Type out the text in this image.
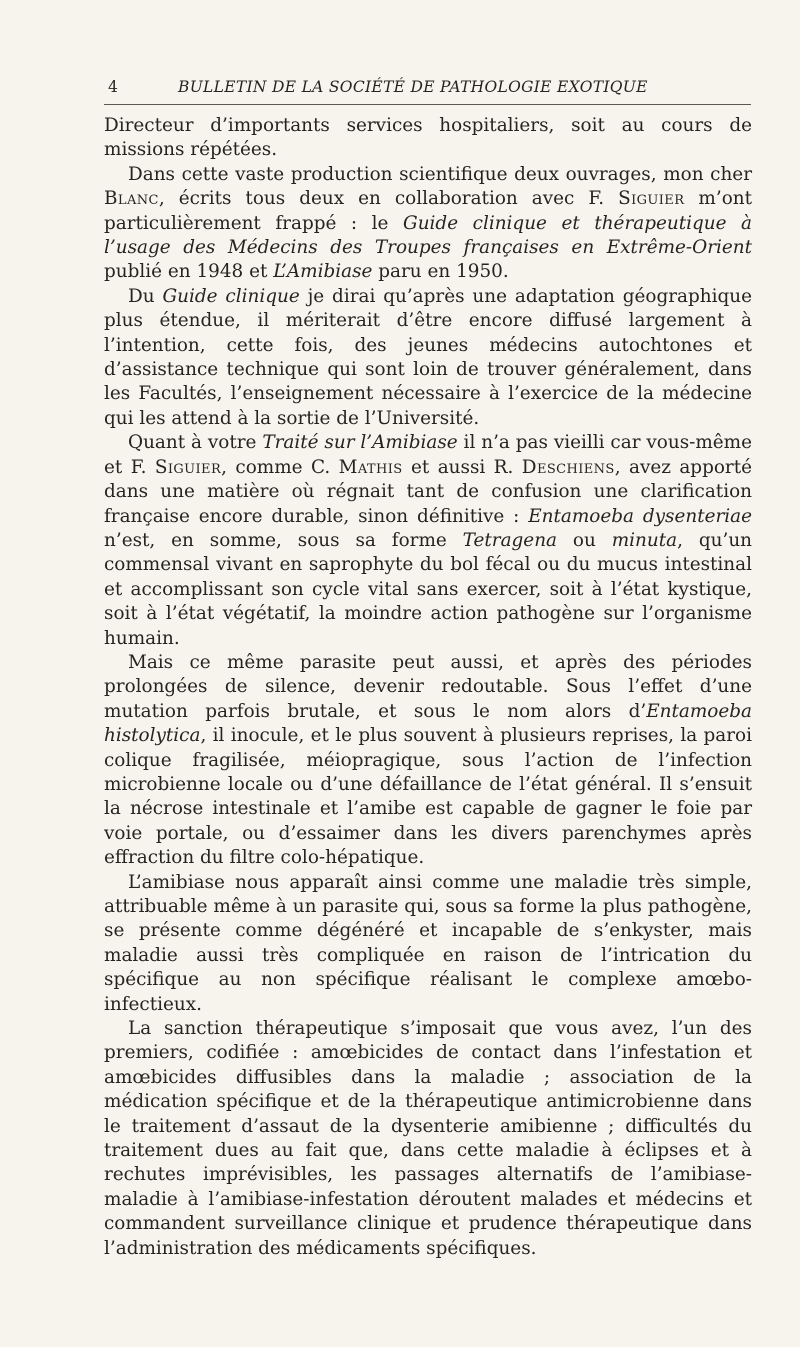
4	BULLETIN DE LA SOCIÉTÉ DE PATHOLOGIE EXOTIQUE

Directeur d’importants services hospitaliers, soit au cours de missions répétées.

Dans cette vaste production scientifique deux ouvrages, mon cher Blanc, écrits tous deux en collaboration avec F. Siguier m’ont particulièrement frappé : le Guide clinique et thérapeutique à l’usage des Médecins des Troupes françaises en Extrême-Orient publié en 1948 et L’Amibiase paru en 1950.

Du Guide clinique je dirai qu’après une adaptation géographique plus étendue, il mériterait d’être encore diffusé largement à l’intention, cette fois, des jeunes médecins autochtones et d’assistance technique qui sont loin de trouver généralement, dans les Facultés, l’enseignement nécessaire à l’exercice de la médecine qui les attend à la sortie de l’Université.

Quant à votre Traité sur l’Amibiase il n’a pas vieilli car vous-même et F. Siguier, comme C. Mathis et aussi R. Deschiens, avez apporté dans une matière où régnait tant de confusion une clarification française encore durable, sinon définitive : Entamoeba dysenteriae n’est, en somme, sous sa forme Tetragena ou minuta, qu’un commensal vivant en saprophyte du bol fécal ou du mucus intestinal et accomplissant son cycle vital sans exercer, soit à l’état kystique, soit à l’état végétatif, la moindre action pathogène sur l’organisme humain.

Mais ce même parasite peut aussi, et après des périodes prolongées de silence, devenir redoutable. Sous l’effet d’une mutation parfois brutale, et sous le nom alors d’Entamoeba histolytica, il inocule, et le plus souvent à plusieurs reprises, la paroi colique fragilisée, méiopragique, sous l’action de l’infection microbienne locale ou d’une défaillance de l’état général. Il s’ensuit la nécrose intestinale et l’amibe est capable de gagner le foie par voie portale, ou d’essaimer dans les divers parenchymes après effraction du filtre colo-hépatique.

L’amibiase nous apparaît ainsi comme une maladie très simple, attribuable même à un parasite qui, sous sa forme la plus pathogène, se présente comme dégénéré et incapable de s’enkyster, mais maladie aussi très compliquée en raison de l’intrication du spécifique au non spécifique réalisant le complexe amœbo-infectieux.

La sanction thérapeutique s’imposait que vous avez, l’un des premiers, codifiée : amœbicides de contact dans l’infestation et amœbicides diffusibles dans la maladie ; association de la médication spécifique et de la thérapeutique antimicrobienne dans le traitement d’assaut de la dysenterie amibienne ; difficultés du traitement dues au fait que, dans cette maladie à éclipses et à rechutes imprévisibles, les passages alternatifs de l’amibiase-maladie à l’amibiase-infestation déroutent malades et médecins et commandent surveillance clinique et prudence thérapeutique dans l’administration des médicaments spécifiques.
